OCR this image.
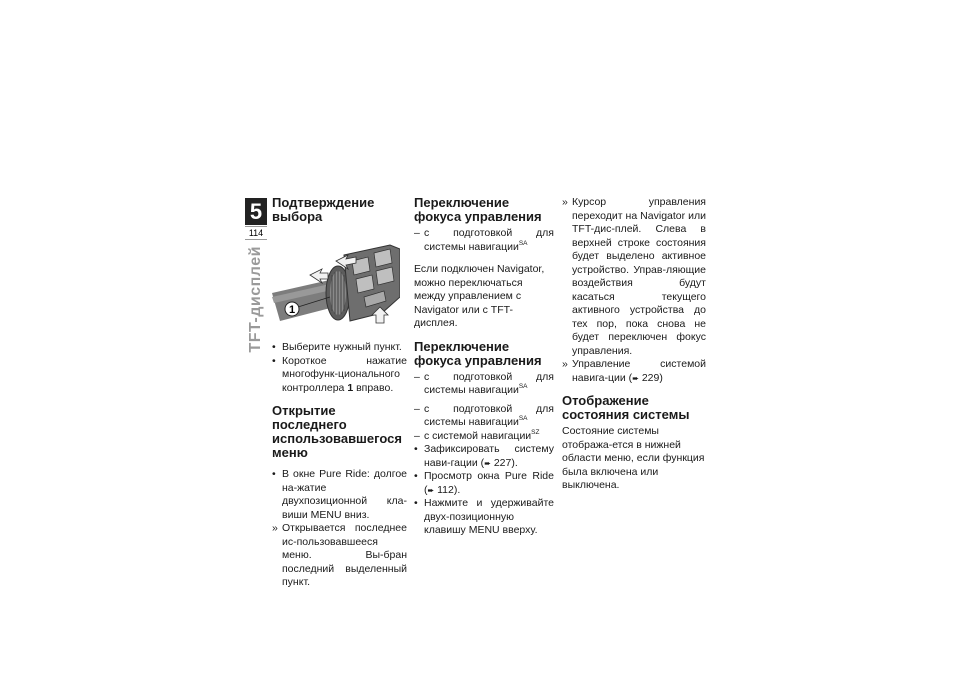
5
114
TFT-дисплей
Подтверждение выбора
1
• Выберите нужный пункт.
• Короткое нажатие многофунк-ционального контроллера 1 вправо.
Открытие последнего использовавшегося меню
• В окне Pure Ride: долгое на-жатие двухпозиционной кла-виши MENU вниз.
» Открывается последнее ис-пользовавшееся меню. Вы-бран последний выделенный пункт.
Переключение фокуса управления
– с подготовкой для системы навигации$^{SA}$

Если подключен Navigator, можно переключаться между управлением с Navigator или с TFT-дисплея.

Переключение фокуса управления
– с подготовкой для системы навигации$^{SA}$
– с подготовкой для системы навигации$^{SA}$
– с системой навигации$^{SZ}$
• Зафиксировать систему нави-гации (➨ 227).
• Просмотр окна Pure Ride (➨ 112).
• Нажмите и удерживайте двух-позиционную клавишу MENU вверху.
» Курсор управления переходит на Navigator или TFT-дис-плей. Слева в верхней строке состояния будет выделено активное устройство. Управ-ляющие воздействия будут касаться текущего активного устройства до тех пор, пока снова не будет переключен фокус управления.
» Управление системой навига-ции (➨ 229)
Отображение состояния системы

Состояние системы отобража-ется в нижней области меню, если функция была включена или выключена.
